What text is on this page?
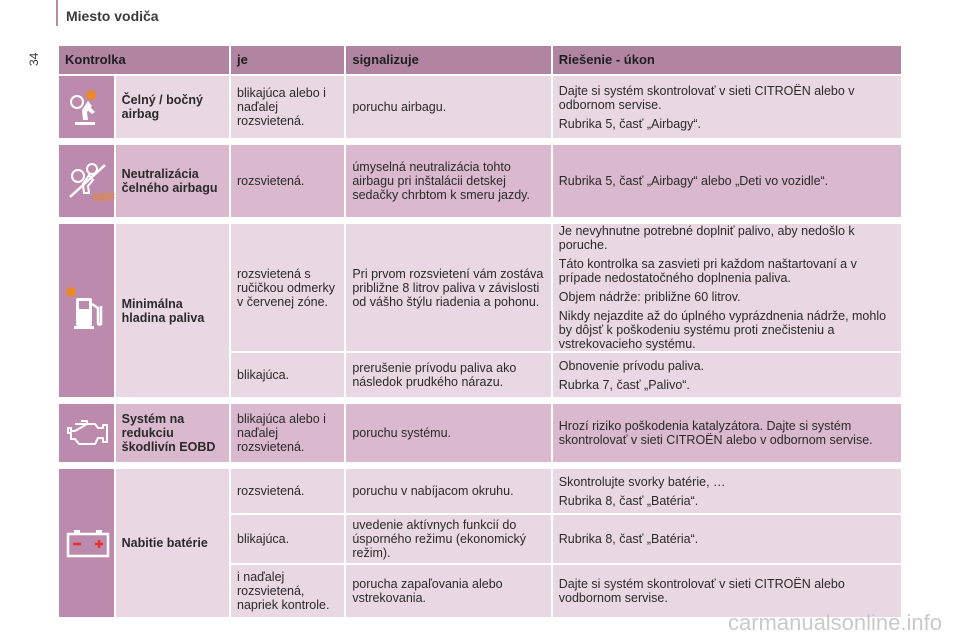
Miesto vodiča
34 Kontrolka		je	signalizuje	Riešenie - úkon
	Čelný / bočný airbag	blikajúca alebo i naďalej rozsvietená.	poruchu airbagu.	Dajte si systém skontrolovať v sieti CITROËN alebo v odbornom servise.

Rubrika 5, časť „Airbagy“.

OFF	Neutralizácia čelného airbagu	rozsvietená.	úmyselná neutralizácia tohto airbagu pri inštalácii detskej sedačky chrbtom k smeru jazdy.	Rubrika 5, časť „Airbagy“ alebo „Deti vo vozidle“.

	Minimálna hladina paliva	rozsvietená s ručičkou odmerky v červenej zóne.	Pri prvom rozsvietení vám zostáva približne 8 litrov paliva v závislosti od vášho štýlu riadenia a pohonu.	Je nevyhnutne potrebné doplniť palivo, aby nedošlo k poruche.

Táto kontrolka sa zasvieti pri každom naštartovaní a v prípade nedostatočného doplnenia paliva.

Objem nádrže: približne 60 litrov.

Nikdy nejazdite až do úplného vyprázdnenia nádrže, mohlo by dôjsť k poškodeniu systému proti znečisteniu a vstrekovacieho systému.

		blikajúca.	prerušenie prívodu paliva ako následok prudkého nárazu.	Obnovenie prívodu paliva.

Rubrka 7, časť „Palivo“.

	Systém na redukciu škodlivín EOBD	blikajúca alebo i naďalej rozsvietená.	poruchu systému.	Hrozí riziko poškodenia katalyzátora. Dajte si systém skontrolovať v sieti CITROËN alebo v odbornom servise.

	Nabitie batérie	rozsvietená.	poruchu v nabíjacom okruhu.	Skontrolujte svorky batérie, …

Rubrika 8, časť „Batéria“.

		blikajúca.	uvedenie aktívnych funkcií do úsporného režimu (ekonomický režim).	Rubrika 8, časť „Batéria“.
		i naďalej rozsvietená, napriek kontrole.	porucha zapaľovania alebo vstrekovania.	Dajte si systém skontrolovať v sieti CITROËN alebo vodbornom servise.
carmanualsonline.info
